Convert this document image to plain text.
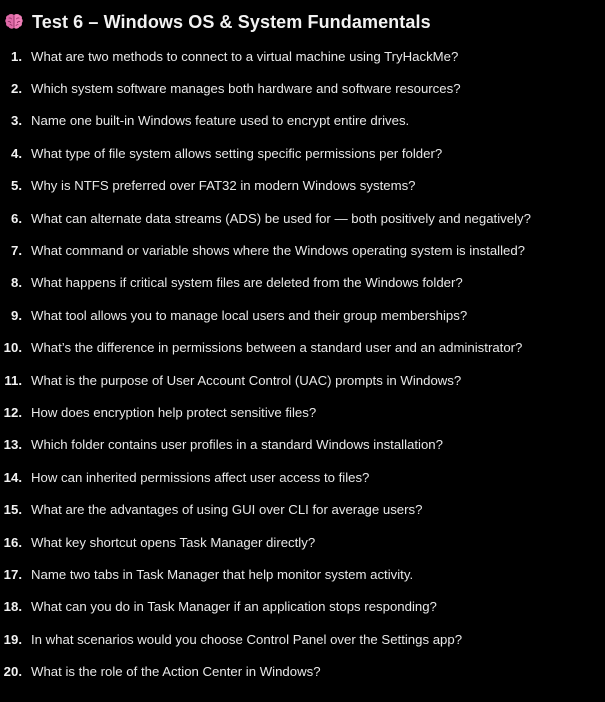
Test 6 – Windows OS & System Fundamentals
1. What are two methods to connect to a virtual machine using TryHackMe?
2. Which system software manages both hardware and software resources?
3. Name one built-in Windows feature used to encrypt entire drives.
4. What type of file system allows setting specific permissions per folder?
5. Why is NTFS preferred over FAT32 in modern Windows systems?
6. What can alternate data streams (ADS) be used for — both positively and negatively?
7. What command or variable shows where the Windows operating system is installed?
8. What happens if critical system files are deleted from the Windows folder?
9. What tool allows you to manage local users and their group memberships?
10. What’s the difference in permissions between a standard user and an administrator?
11. What is the purpose of User Account Control (UAC) prompts in Windows?
12. How does encryption help protect sensitive files?
13. Which folder contains user profiles in a standard Windows installation?
14. How can inherited permissions affect user access to files?
15. What are the advantages of using GUI over CLI for average users?
16. What key shortcut opens Task Manager directly?
17. Name two tabs in Task Manager that help monitor system activity.
18. What can you do in Task Manager if an application stops responding?
19. In what scenarios would you choose Control Panel over the Settings app?
20. What is the role of the Action Center in Windows?
